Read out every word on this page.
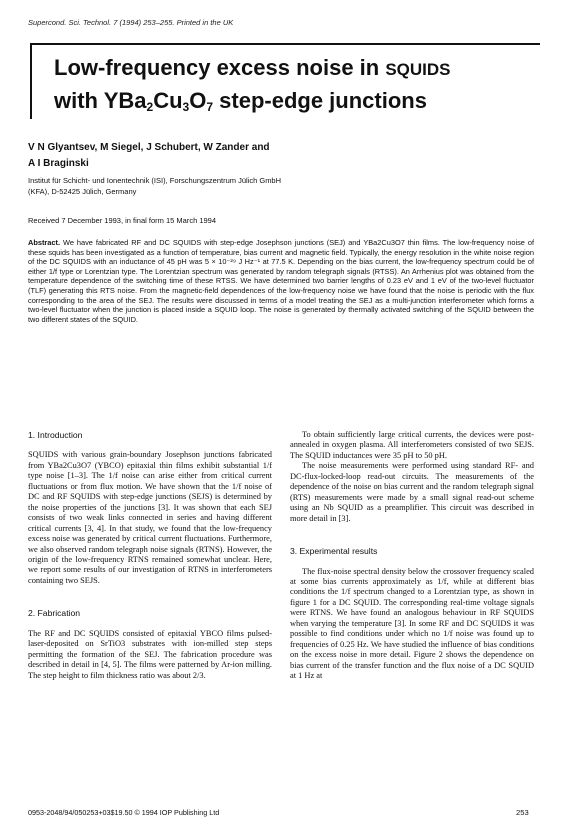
Supercond. Sci. Technol. 7 (1994) 253–255. Printed in the UK
Low-frequency excess noise in SQUIDS
with $YBa_2Cu_3O_7$ step-edge junctions
V N Glyantsev, M Siegel, J Schubert, W Zander and
A I Braginski
Institut für Schicht- und Ionentechnik (ISI), Forschungszentrum Jülich GmbH
(KFA), D-52425 Jülich, Germany
Received 7 December 1993, in final form 15 March 1994
Abstract. We have fabricated RF and DC SQUIDS with step-edge Josephson junctions (SEJ) and YBa2Cu3O7 thin films. The low-frequency noise of these squids has been investigated as a function of temperature, bias current and magnetic field. Typically, the energy resolution in the white noise region of the DC SQUIDS with an inductance of 45 pH was 5 × 10⁻²⁹ J Hz⁻¹ at 77.5 K. Depending on the bias current, the low-frequency spectrum could be of either 1/f type or Lorentzian type. The Lorentzian spectrum was generated by random telegraph signals (RTSS). An Arrhenius plot was obtained from the temperature dependence of the switching time of these RTSS. We have determined two barrier lengths of 0.23 eV and 1 eV of the two-level fluctuator (TLF) generating this RTS noise. From the magnetic-field dependences of the low-frequency noise we have found that the noise is periodic with the flux corresponding to the area of the SEJ. The results were discussed in terms of a model treating the SEJ as a multi-junction interferometer which forms a two-level fluctuator when the junction is placed inside a SQUID loop. The noise is generated by thermally activated switching of the SQUID between the two different states of the SQUID.
1. Introduction

SQUIDS with various grain-boundary Josephson junctions fabricated from YBa2Cu3O7 (YBCO) epitaxial thin films exhibit substantial 1/f type noise [1–3]. The 1/f noise can arise either from critical current fluctuations or from flux motion. We have shown that the 1/f noise of DC and RF SQUIDS with step-edge junctions (SEJS) is determined by the noise properties of the junctions [3]. It was shown that each SEJ consists of two weak links connected in series and having different critical currents [3, 4]. In that study, we found that the low-frequency excess noise was generated by critical current fluctuations. Furthermore, we also observed random telegraph noise signals (RTNS). However, the origin of the low-frequency RTNS remained somewhat unclear. Here, we report some results of our investigation of RTNS in interferometers containing two SEJS.

2. Fabrication

The RF and DC SQUIDS consisted of epitaxial YBCO films pulsed-laser-deposited on SrTiO3 substrates with ion-milled step steps permitting the formation of the SEJ. The fabrication procedure was described in detail in [4, 5]. The films were patterned by Ar-ion milling. The step height to film thickness ratio was about 2/3.

To obtain sufficiently large critical currents, the devices were post-annealed in oxygen plasma. All interferometers consisted of two SEJS. The SQUID inductances were 35 pH to 50 pH.

The noise measurements were performed using standard RF- and DC-flux-locked-loop read-out circuits. The measurements of the dependence of the noise on bias current and the random telegraph signal (RTS) measurements were made by a small signal read-out scheme using an Nb SQUID as a preamplifier. This circuit was described in more detail in [3].

3. Experimental results

The flux-noise spectral density below the crossover frequency scaled at some bias currents approximately as 1/f, while at different bias conditions the 1/f spectrum changed to a Lorentzian type, as shown in figure 1 for a DC SQUID. The corresponding real-time voltage signals were RTNS. We have found an analogous behaviour in RF SQUIDS when varying the temperature [3]. In some RF and DC SQUIDS it was possible to find conditions under which no 1/f noise was found up to frequencies of 0.25 Hz. We have studied the influence of bias conditions on the excess noise in more detail. Figure 2 shows the dependence on bias current of the transfer function and the flux noise of a DC SQUID at 1 Hz at

0953-2048/94/050253+03$19.50 © 1994 IOP Publishing Ltd	253
